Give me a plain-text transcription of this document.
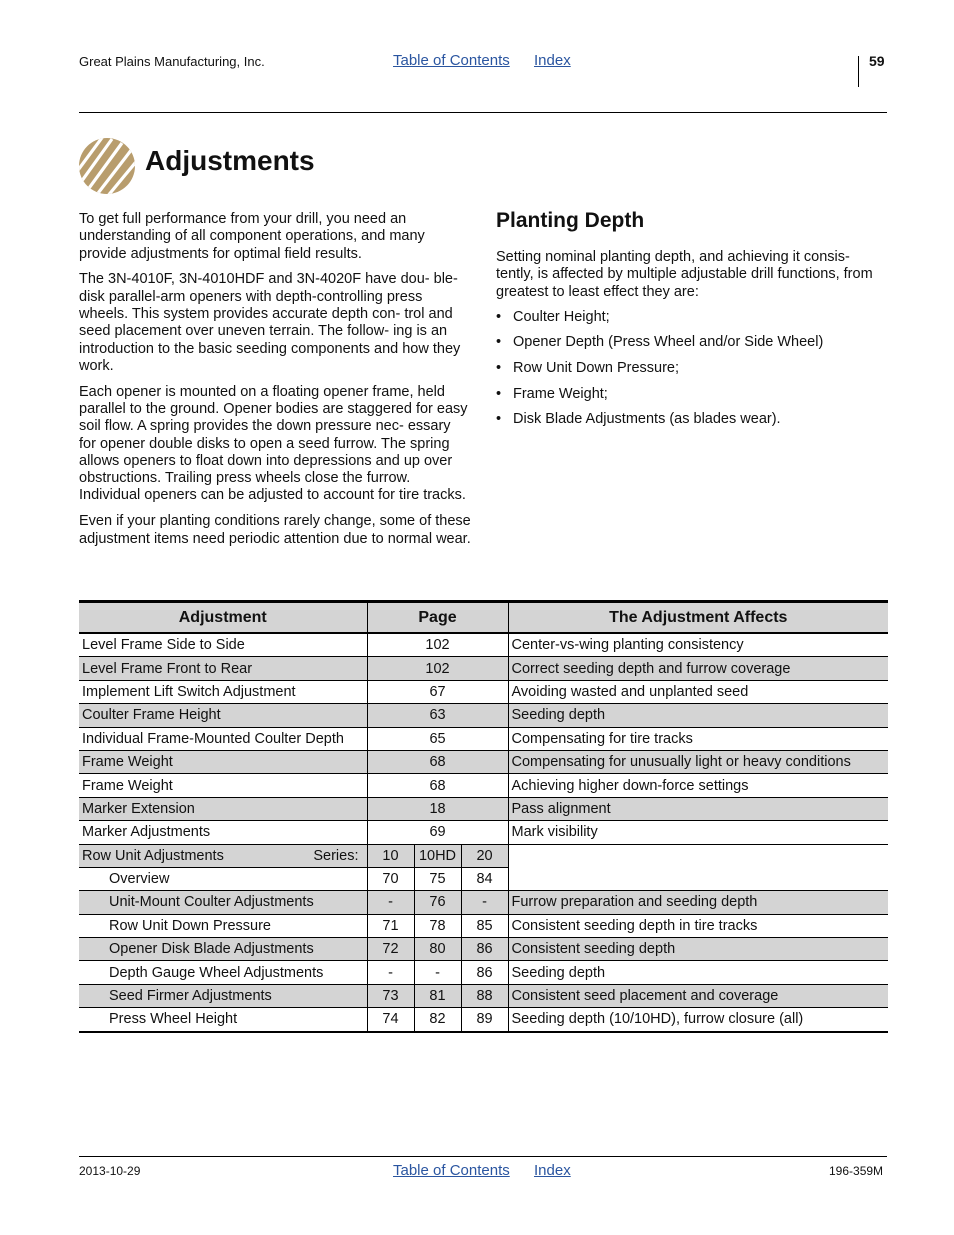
Great Plains Manufacturing, Inc.	Table of Contents Index	59
Adjustments

To get full performance from your drill, you need an understanding of all component operations, and many provide adjustments for optimal field results.

The 3N-4010F, 3N-4010HDF and 3N-4020F have dou- ble-disk parallel-arm openers with depth-controlling press wheels. This system provides accurate depth con- trol and seed placement over uneven terrain. The follow- ing is an introduction to the basic seeding components and how they work.

Each opener is mounted on a floating opener frame, held parallel to the ground. Opener bodies are staggered for easy soil flow. A spring provides the down pressure nec- essary for opener double disks to open a seed furrow. The spring allows openers to float down into depressions and up over obstructions. Trailing press wheels close the furrow. Individual openers can be adjusted to account for tire tracks.

Even if your planting conditions rarely change, some of these adjustment items need periodic attention due to normal wear.

Planting Depth

Setting nominal planting depth, and achieving it consis- tently, is affected by multiple adjustable drill functions, from greatest to least effect they are:

• Coulter Height;
• Opener Depth (Press Wheel and/or Side Wheel)
• Row Unit Down Pressure;
• Frame Weight;
• Disk Blade Adjustments (as blades wear).
Adjustment	Page			The Adjustment Affects
Level Frame Side to Side	102			Center-vs-wing planting consistency
Level Frame Front to Rear	102			Correct seeding depth and furrow coverage
Implement Lift Switch Adjustment	67			Avoiding wasted and unplanted seed
Coulter Frame Height	63			Seeding depth
Individual Frame-Mounted Coulter Depth	65			Compensating for tire tracks
Frame Weight	68			Compensating for unusually light or heavy conditions
Frame Weight	68			Achieving higher down-force settings
Marker Extension	18			Pass alignment
Marker Adjustments	69			Mark visibility
Row Unit Adjustments Series:	10	10HD	20	
Overview	70	75	84	
Unit-Mount Coulter Adjustments	-	76	-	Furrow preparation and seeding depth
Row Unit Down Pressure	71	78	85	Consistent seeding depth in tire tracks
Opener Disk Blade Adjustments	72	80	86	Consistent seeding depth
Depth Gauge Wheel Adjustments	-	-	86	Seeding depth
Seed Firmer Adjustments	73	81	88	Consistent seed placement and coverage
Press Wheel Height	74	82	89	Seeding depth (10/10HD), furrow closure (all)
2013-10-29	Table of Contents Index	196-359M
